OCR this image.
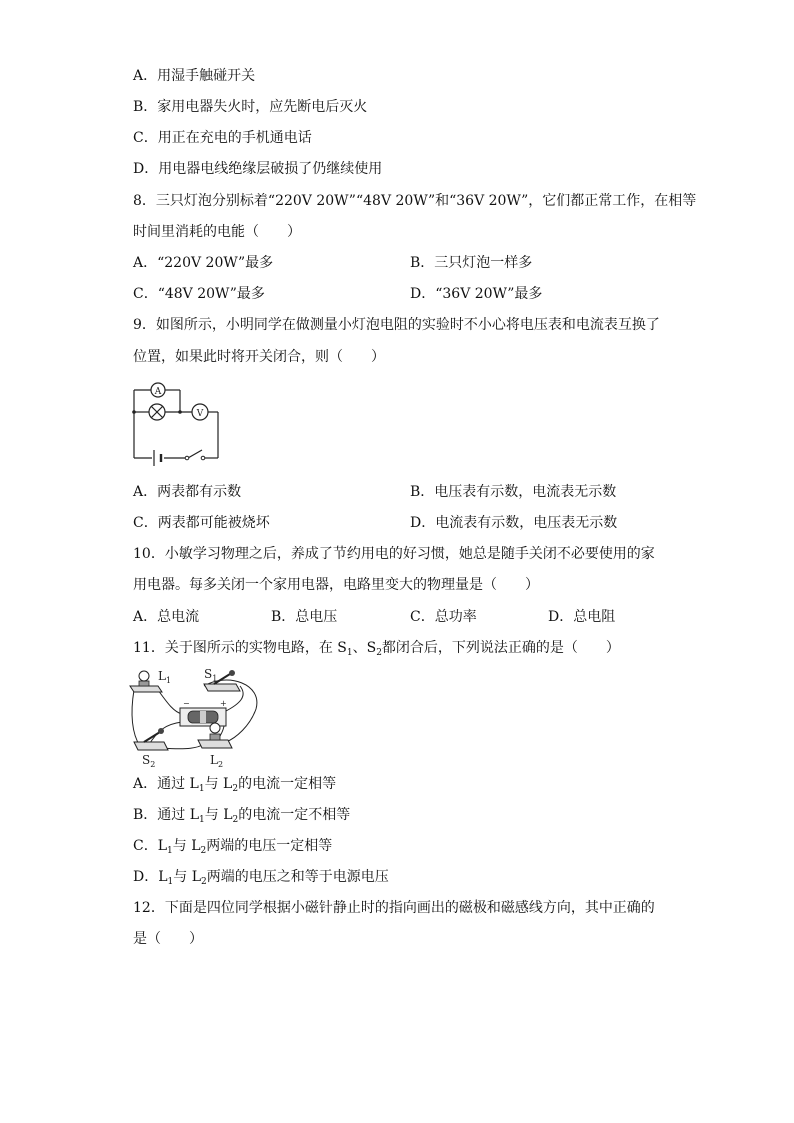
A．用湿手触碰开关
B．家用电器失火时，应先断电后灭火
C．用正在充电的手机通电话
D．用电器电线绝缘层破损了仍继续使用
8．三只灯泡分别标着“220V 20W”“48V 20W”和“36V 20W”，它们都正常工作，在相等
时间里消耗的电能（　　）
A．“220V 20W”最多	B．三只灯泡一样多
C．“48V 20W”最多	D．“36V 20W”最多
9．如图所示，小明同学在做测量小灯泡电阻的实验时不小心将电压表和电流表互换了
位置，如果此时将开关闭合，则（　　）
A
V
A．两表都有示数	B．电压表有示数，电流表无示数
C．两表都可能被烧坏	D．电流表有示数，电压表无示数
10．小敏学习物理之后，养成了节约用电的好习惯，她总是随手关闭不必要使用的家
用电器。每多关闭一个家用电器，电路里变大的物理量是（　　）
A．总电流	B．总电压	C．总功率	D．总电阻
11．关于图所示的实物电路，在 $S_1$、$S_2$都闭合后，下列说法正确的是（　　）
−	+
$L_1$	$S_1$
$S_2$	$L_2$
A．通过 $L_1$与 $L_2$的电流一定相等
B．通过 $L_1$与 $L_2$的电流一定不相等
C．$L_1$与 $L_2$两端的电压一定相等
D．$L_1$与 $L_2$两端的电压之和等于电源电压
12．下面是四位同学根据小磁针静止时的指向画出的磁极和磁感线方向，其中正确的
是（　　）
